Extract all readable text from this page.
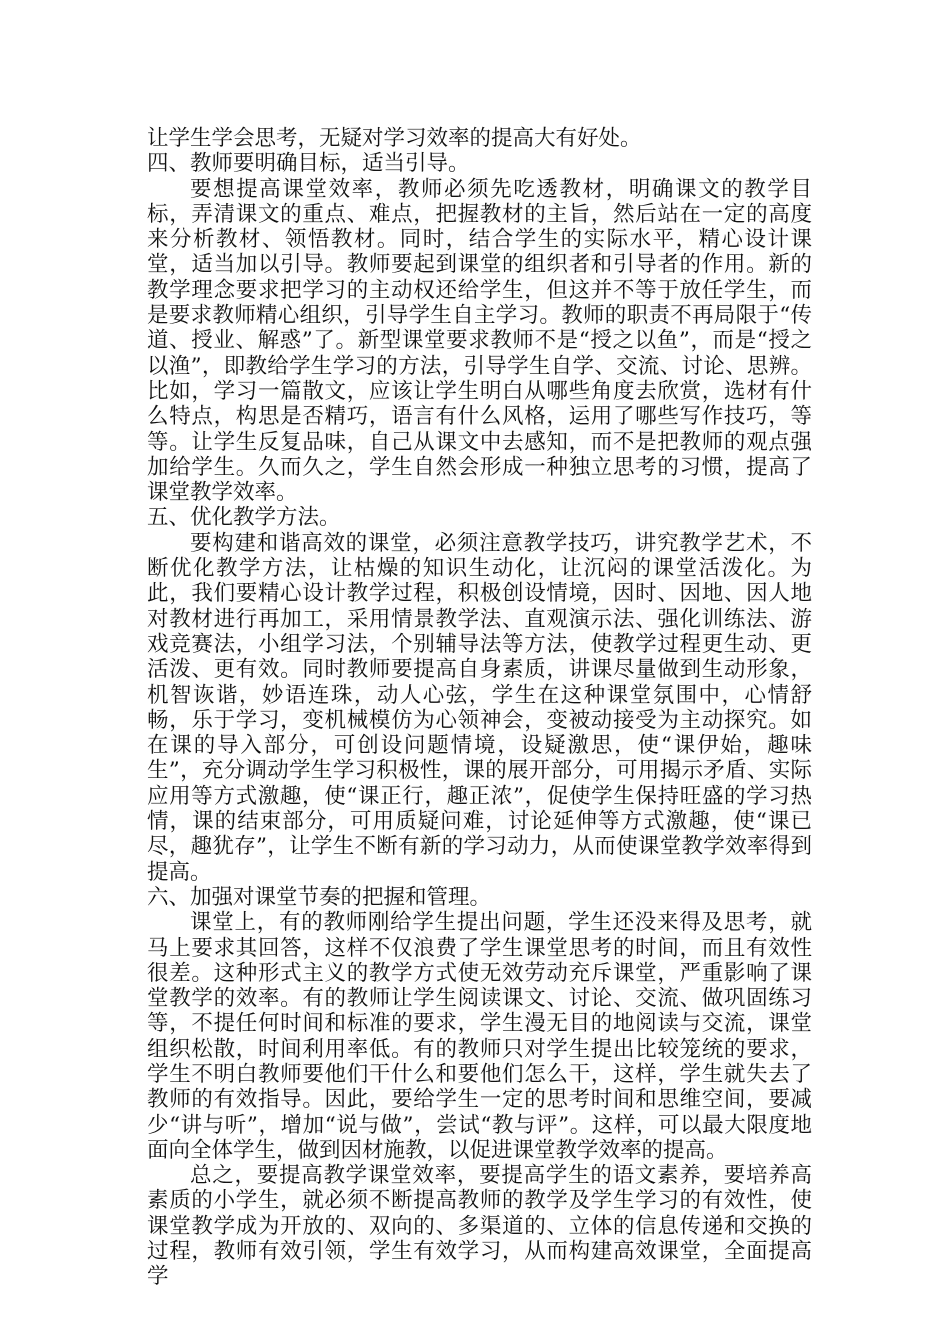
让学生学会思考，无疑对学习效率的提高大有好处。

四、教师要明确目标，适当引导。

要想提高课堂效率，教师必须先吃透教材，明确课文的教学目标，弄清课文的重点、难点，把握教材的主旨，然后站在一定的高度来分析教材、领悟教材。同时，结合学生的实际水平，精心设计课堂，适当加以引导。教师要起到课堂的组织者和引导者的作用。新的教学理念要求把学习的主动权还给学生，但这并不等于放任学生，而是要求教师精心组织，引导学生自主学习。教师的职责不再局限于“传道、授业、解惑”了。新型课堂要求教师不是“授之以鱼”，而是“授之以渔”，即教给学生学习的方法，引导学生自学、交流、讨论、思辨。比如，学习一篇散文，应该让学生明白从哪些角度去欣赏，选材有什么特点，构思是否精巧，语言有什么风格，运用了哪些写作技巧，等等。让学生反复品味，自己从课文中去感知，而不是把教师的观点强加给学生。久而久之，学生自然会形成一种独立思考的习惯，提高了课堂教学效率。

五、优化教学方法。

要构建和谐高效的课堂，必须注意教学技巧，讲究教学艺术，不断优化教学方法，让枯燥的知识生动化，让沉闷的课堂活泼化。为此，我们要精心设计教学过程，积极创设情境，因时、因地、因人地对教材进行再加工，采用情景教学法、直观演示法、强化训练法、游戏竞赛法，小组学习法，个别辅导法等方法，使教学过程更生动、更活泼、更有效。同时教师要提高自身素质，讲课尽量做到生动形象，机智诙谐，妙语连珠，动人心弦，学生在这种课堂氛围中，心情舒畅，乐于学习，变机械模仿为心领神会，变被动接受为主动探究。如在课的导入部分，可创设问题情境，设疑激思，使“课伊始，趣味生”，充分调动学生学习积极性，课的展开部分，可用揭示矛盾、实际应用等方式激趣，使“课正行，趣正浓”，促使学生保持旺盛的学习热情，课的结束部分，可用质疑问难，讨论延伸等方式激趣，使“课已尽，趣犹存”，让学生不断有新的学习动力，从而使课堂教学效率得到提高。

六、加强对课堂节奏的把握和管理。

课堂上，有的教师刚给学生提出问题，学生还没来得及思考，就马上要求其回答，这样不仅浪费了学生课堂思考的时间，而且有效性很差。这种形式主义的教学方式使无效劳动充斥课堂，严重影响了课堂教学的效率。有的教师让学生阅读课文、讨论、交流、做巩固练习等，不提任何时间和标准的要求，学生漫无目的地阅读与交流，课堂组织松散，时间利用率低。有的教师只对学生提出比较笼统的要求，学生不明白教师要他们干什么和要他们怎么干，这样，学生就失去了教师的有效指导。因此，要给学生一定的思考时间和思维空间，要减少“讲与听”，增加“说与做”，尝试“教与评”。这样，可以最大限度地面向全体学生，做到因材施教，以促进课堂教学效率的提高。

总之，要提高教学课堂效率，要提高学生的语文素养，要培养高素质的小学生，就必须不断提高教师的教学及学生学习的有效性，使课堂教学成为开放的、双向的、多渠道的、立体的信息传递和交换的过程，教师有效引领，学生有效学习，从而构建高效课堂，全面提高学
